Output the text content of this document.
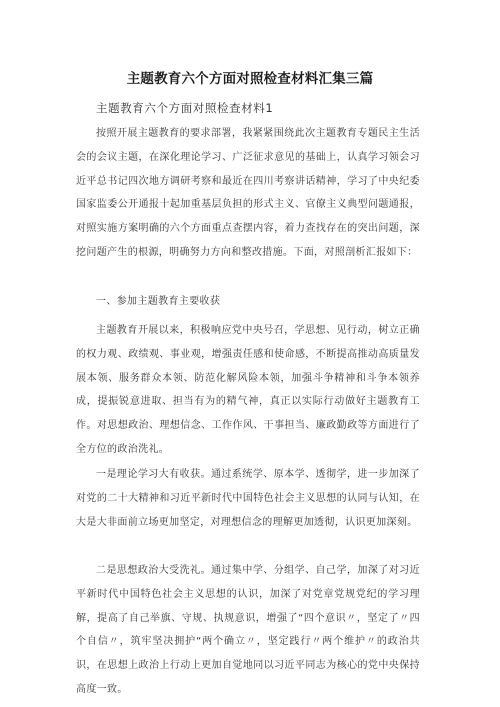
主题教育六个方面对照检查材料汇集三篇
主题教育六个方面对照检查材料1

按照开展主题教育的要求部署，我紧紧围绕此次主题教育专题民主生活会的会议主题，在深化理论学习、广泛征求意见的基础上，认真学习领会习近平总书记四次地方调研考察和最近在四川考察讲话精神，学习了中央纪委国家监委公开通报十起加重基层负担的形式主义、官僚主义典型问题通报，对照实施方案明确的六个方面重点查摆内容，着力查找存在的突出问题，深挖问题产生的根源，明确努力方向和整改措施。下面，对照剖析汇报如下：

一、参加主题教育主要收获

主题教育开展以来，积极响应党中央号召，学思想、见行动，树立正确的权力观、政绩观、事业观，增强责任感和使命感，不断提高推动高质量发展本领、服务群众本领、防范化解风险本领，加强斗争精神和斗争本领养成，提振锐意进取、担当有为的精气神，真正以实际行动做好主题教育工作。对思想政治、理想信念、工作作风、干事担当、廉政勤政等方面进行了全方位的政治洗礼。

一是理论学习大有收获。通过系统学、原本学、透彻学，进一步加深了对党的二十大精神和习近平新时代中国特色社会主义思想的认同与认知，在大是大非面前立场更加坚定，对理想信念的理解更加透彻，认识更加深刻。

二是思想政治大受洗礼。通过集中学、分组学、自己学，加深了对习近平新时代中国特色社会主义思想的认识，加深了对党章党规党纪的学习理解，提高了自己举旗、守规、执规意识，增强了“四个意识〃，坚定了〃四个自信〃，筑牢坚决拥护“两个确立〃，坚定践行〃两个维护〃的政治共识，在思想上政治上行动上更加自觉地同以习近平同志为核心的党中央保持高度一致。
